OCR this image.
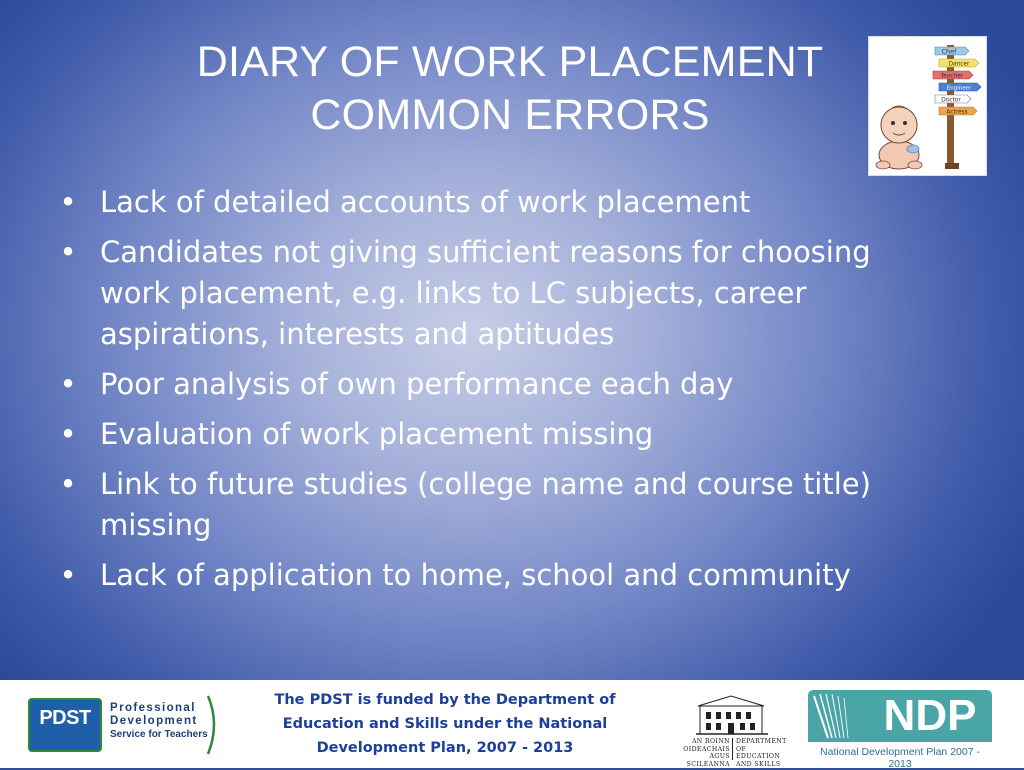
DIARY OF WORK PLACEMENT
COMMON ERRORS
Chef
Dancer
Teacher
Engineer
Doctor
Actress
• Lack of detailed accounts of work placement
• Candidates not giving sufficient reasons for choosing work placement, e.g. links to LC subjects, career aspirations, interests and aptitudes
• Poor analysis of own performance each day
• Evaluation of work placement missing
• Link to future studies (college name and course title) missing
• Lack of application to home, school and community
PDST	Professional
Development
Service for Teachers
The PDST is funded by the Department of
Education and Skills under the National
Development Plan, 2007 - 2013	AN ROINN
OIDEACHAIS
AGUS SCILEANNA
DEPARTMENT OF
EDUCATION
AND SKILLS
NDP
National Development Plan 2007 - 2013
